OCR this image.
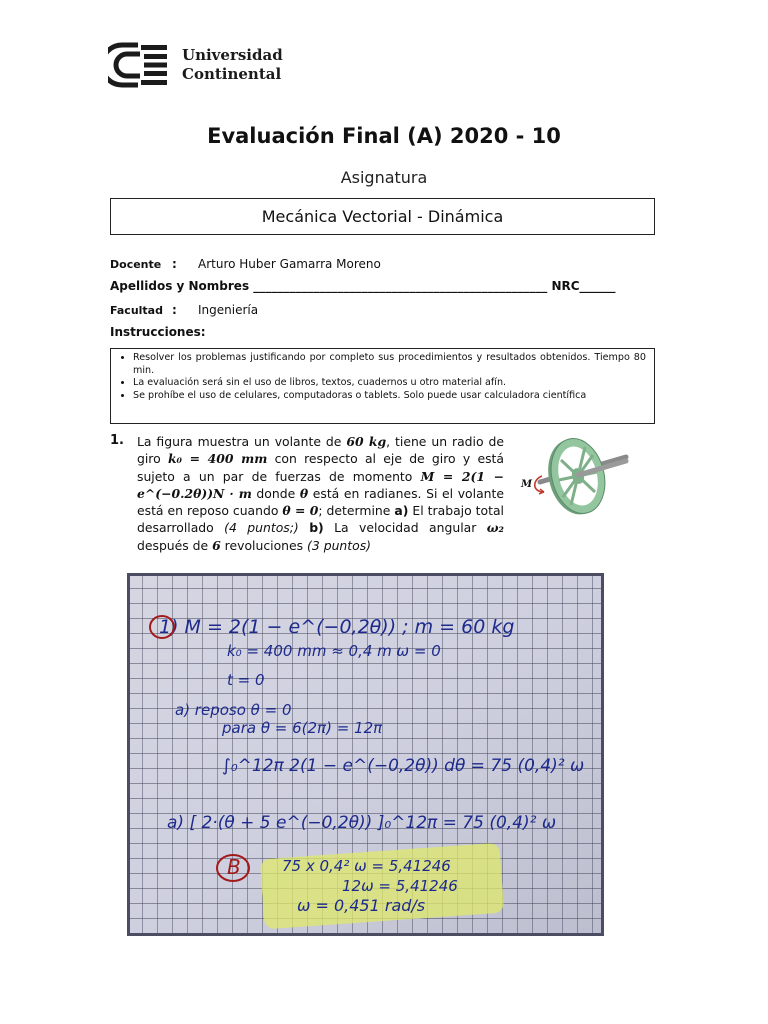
Universidad
Continental
Evaluación Final (A) 2020 - 10
Asignatura
Mecánica Vectorial - Dinámica
Docente : Arturo Huber Gamarra Moreno
Apellidos y Nombres _________________________________________________ NRC______
Facultad : Ingeniería
Instrucciones:
• Resolver los problemas justificando por completo sus procedimientos y resultados obtenidos. Tiempo 80 min.
• La evaluación será sin el uso de libros, textos, cuadernos u otro material afín.
• Se prohíbe el uso de celulares, computadoras o tablets. Solo puede usar calculadora científica
1. La figura muestra un volante de 60 kg, tiene un radio de giro k₀ = 400 mm con respecto al eje de giro y está sujeto a un par de fuerzas de momento M = 2(1 − e^(−0.2θ))N · m donde θ está en radianes. Si el volante está en reposo cuando θ = 0; determine a) El trabajo total desarrollado (4 puntos;) b) La velocidad angular ω₂ después de 6 revoluciones (3 puntos)
M
1) M = 2(1 − e^(−0,2θ)) ; m = 60 kg
k₀ = 400 mm ≈ 0,4 m ω = 0
t = 0
a) reposo θ = 0
para θ = 6(2π) = 12π
∫₀^12π 2(1 − e^(−0,2θ)) dθ = 75 (0,4)² ω
a) [ 2·(θ + 5 e^(−0,2θ)) ]₀^12π = 75 (0,4)² ω
B	75 x 0,4² ω = 5,41246
12ω = 5,41246
ω = 0,451 rad/s
